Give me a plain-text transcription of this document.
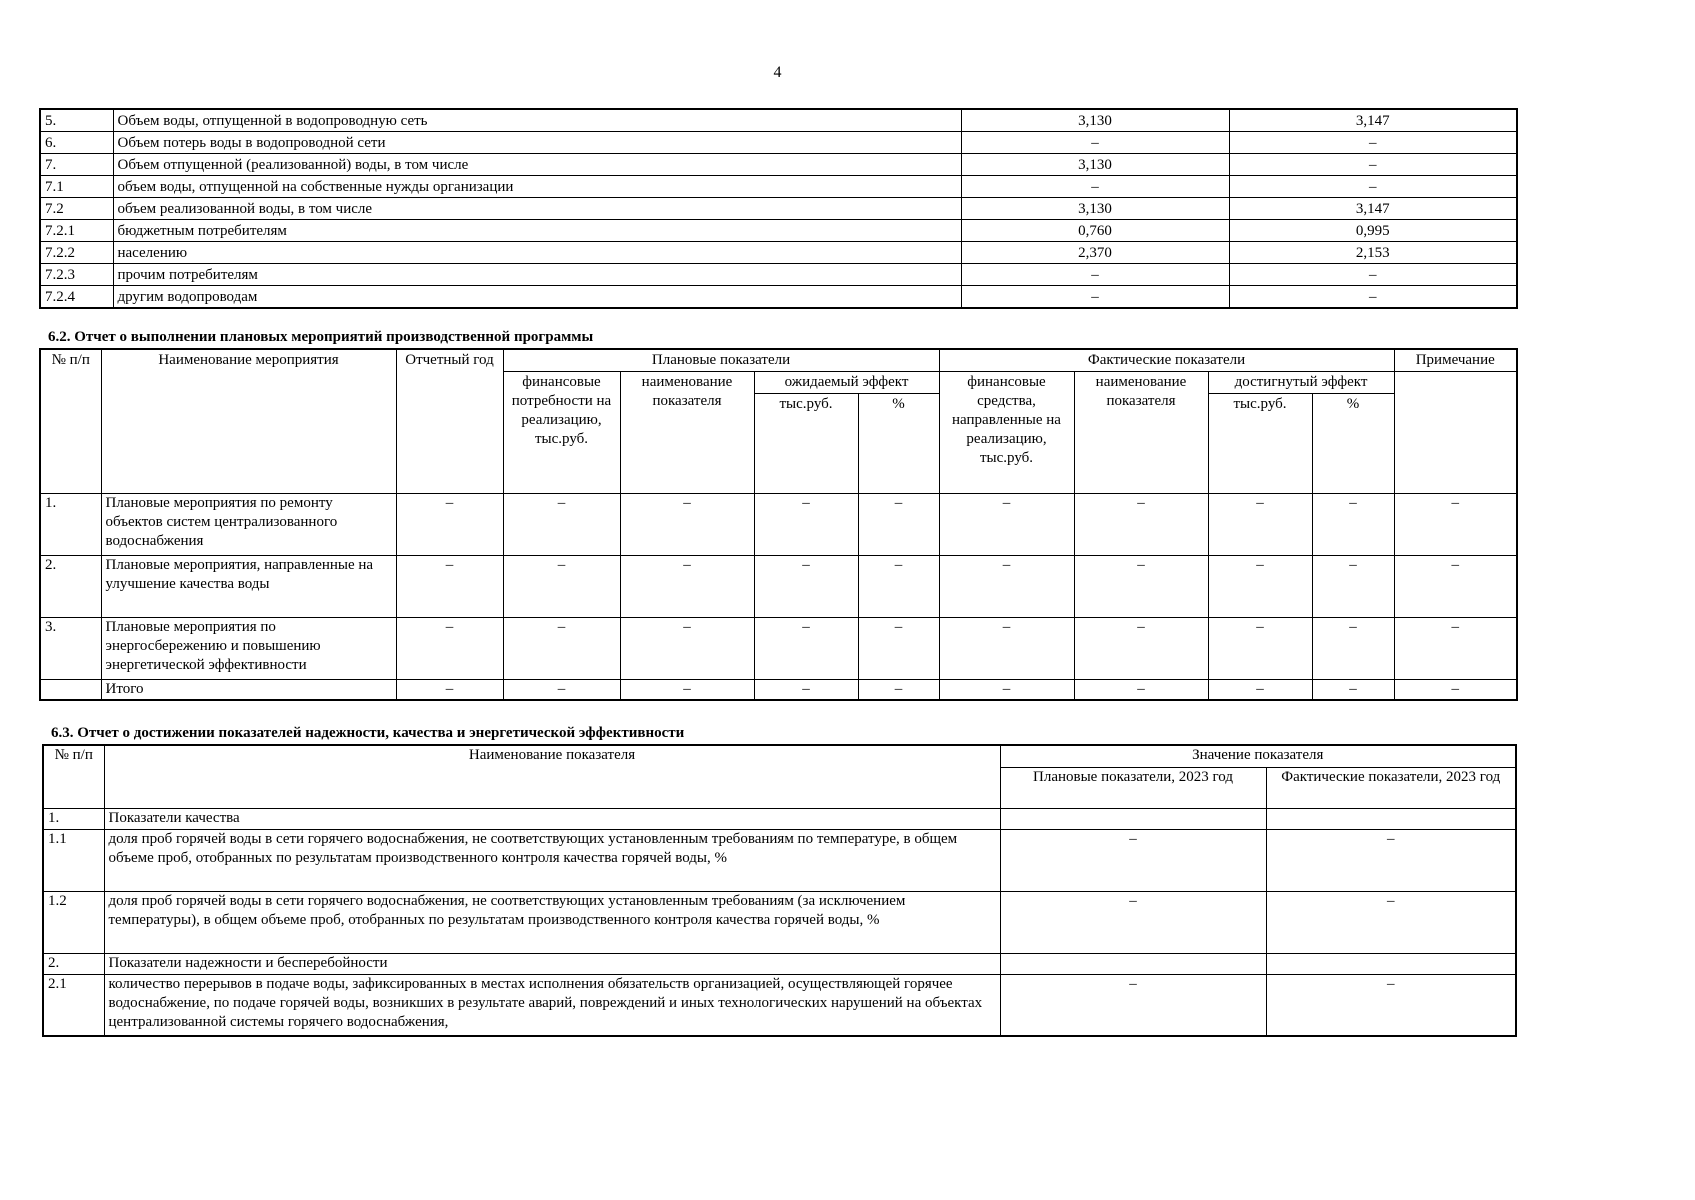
4
5.	Объем воды, отпущенной в водопроводную сеть	3,130	3,147
6.	Объем потерь воды в водопроводной сети	–	–
7.	Объем отпущенной (реализованной) воды, в том числе	3,130	–
7.1	объем воды, отпущенной на собственные нужды организации	–	–
7.2	объем реализованной воды, в том числе	3,130	3,147
7.2.1	бюджетным потребителям	0,760	0,995
7.2.2	населению	2,370	2,153
7.2.3	прочим потребителям	–	–
7.2.4	другим водопроводам	–	–
6.2. Отчет о выполнении плановых мероприятий производственной программы
№ п/п	Наименование мероприятия	Отчетный год	Плановые показатели				Фактические показатели				Примечание
			финансовые потребности на реализацию, тыс.руб.	наименование показателя	ожидаемый эффект		финансовые средства, направленные на реализацию, тыс.руб.	наименование показателя	достигнутый эффект		
					тыс.руб.	%			тыс.руб.	%	
1.	Плановые мероприятия по ремонту объектов систем централизованного водоснабжения	–	–	–	–	–	–	–	–	–	–
2.	Плановые мероприятия, направленные на улучшение качества воды	–	–	–	–	–	–	–	–	–	–
3.	Плановые мероприятия по энергосбережению и повышению энергетической эффективности	–	–	–	–	–	–	–	–	–	–
	Итого	–	–	–	–	–	–	–	–	–	–
6.3. Отчет о достижении показателей надежности, качества и энергетической эффективности
№ п/п	Наименование показателя	Значение показателя	
		Плановые показатели, 2023 год	Фактические показатели, 2023 год
1.	Показатели качества		
1.1	доля проб горячей воды в сети горячего водоснабжения, не соответствующих установленным требованиям по температуре, в общем объеме проб, отобранных по результатам производственного контроля качества горячей воды, %	–	–
1.2	доля проб горячей воды в сети горячего водоснабжения, не соответствующих установленным требованиям (за исключением температуры), в общем объеме проб, отобранных по результатам производственного контроля качества горячей воды, %	–	–
2.	Показатели надежности и бесперебойности		
2.1	количество перерывов в подаче воды, зафиксированных в местах исполнения обязательств организацией, осуществляющей горячее водоснабжение, по подаче горячей воды, возникших в результате аварий, повреждений и иных технологических нарушений на объектах централизованной системы горячего водоснабжения,	–	–
